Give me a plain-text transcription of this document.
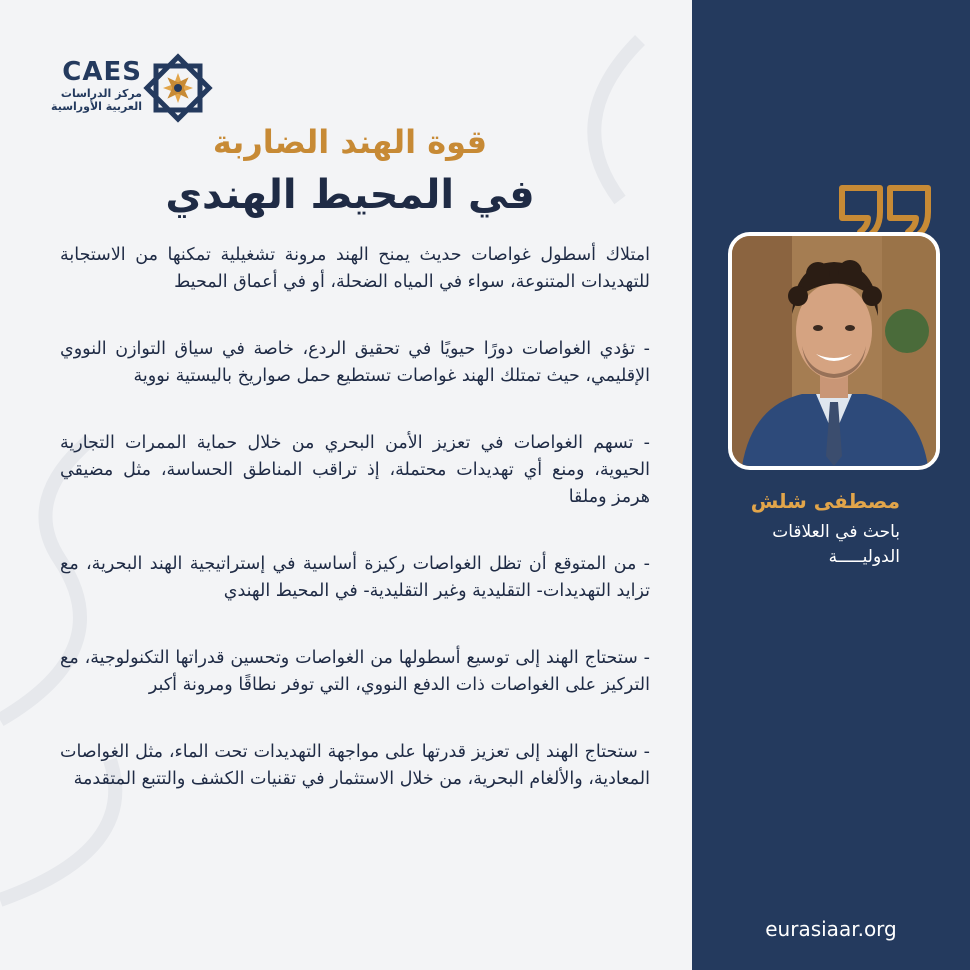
CAES
مركز الدراسات
العربية الأوراسية
قوة الهند الضاربة
في المحيط الهندي

امتلاك أسطول غواصات حديث يمنح الهند مرونة تشغيلية تمكنها من الاستجابة للتهديدات المتنوعة، سواء في المياه الضحلة، أو في أعماق المحيط

- تؤدي الغواصات دورًا حيويًا في تحقيق الردع، خاصة في سياق التوازن النووي الإقليمي، حيث تمتلك الهند غواصات تستطيع حمل صواريخ باليستية نووية

- تسهم الغواصات في تعزيز الأمن البحري من خلال حماية الممرات التجارية الحيوية، ومنع أي تهديدات محتملة، إذ تراقب المناطق الحساسة، مثل مضيقي هرمز وملقا

- من المتوقع أن تظل الغواصات ركيزة أساسية في إستراتيجية الهند البحرية، مع تزايد التهديدات- التقليدية وغير التقليدية- في المحيط الهندي

- ستحتاج الهند إلى توسيع أسطولها من الغواصات وتحسين قدراتها التكنولوجية، مع التركيز على الغواصات ذات الدفع النووي، التي توفر نطاقًا ومرونة أكبر

- ستحتاج الهند إلى تعزيز قدرتها على مواجهة التهديدات تحت الماء، مثل الغواصات المعادية، والألغام البحرية، من خلال الاستثمار في تقنيات الكشف والتتبع المتقدمة

مصطفى شلش
باحث في العلاقات
الدوليـــــة
eurasiaar.org
